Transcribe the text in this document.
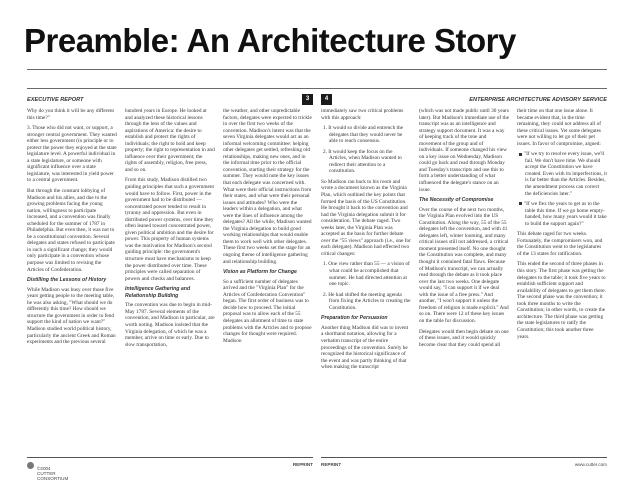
Preamble: An Architecture Story
EXECUTIVE REPORT	3

Why do you think it will be any different this time?"

3. Those who did not want, or support, a stronger central government. They wanted either less government (in principle or to protect the power they enjoyed at the state legislature level. A powerful individual in a state legislature, or someone with significant influence over a state legislature, was interested in yield power to a central government.

But through the constant lobbying of Madison and his allies, and due to the growing problems facing the young nation, willingness to participate increased, and a convention was finally scheduled for the summer of 1787 in Philadelphia. But even then, it was not to be a constitutional convention. Several delegates and states refused to participate in such a significant change; they would only participate in a convention whose purpose was limited to revising the Articles of Confederation.

Distilling the Lessons of History

While Madison was busy over those five years getting people to the meeting table, he was also asking, "What should we do differently this time? How should we structure the government in order to fend support the kind of nation we want?" Madison studied world political history, particularly the ancient Greek and Roman experiments and the previous several

hundred years in Europe. He looked at and analyzed these historical lessons through the lens of the values and aspirations of America: the desire to establish and protect the rights of individuals; the right to hold and keep property; the right to representation in and influence over their government; the rights of assembly, religion, free press, and so on.

From this study, Madison distilled two guiding principles that such a government would have to follow. First, power in the government had to be distributed — concentrated power tended to result in tyranny and oppression. But even in distributed power systems, over time they often leaned toward concentrated power, given political ambition and the desire for power. This property of human systems was the motivation for Madison's second guiding principle: the government's structure must have mechanisms to keep the power distributed over time. These principles were called separation of powers and checks and balances.

Intelligence Gathering and Relationship Building

The convention was due to begin in mid-May 1787. Several elements of the convention, and Madison in particular, are worth noting. Madison insisted that the Virginia delegation, of which he was a member, arrive on time or early. Due to slow transportation,

the weather, and other unpredictable factors, delegates were expected to trickle in over the first two weeks of the convention. Madison's intent was that the seven Virginia delegates would act as an informal welcoming committee: helping other delegates get settled, refreshing old relationships, making new ones, and in the informal time prior to the official convention, starting their strategy for the summer. They would note the key issues that each delegate was concerned with. What were their official instructions from their states, and what were their personal issues and attitudes? Who were the leaders within a delegation, and what were the lines of influence among the delegates? All the while, Madison wanted the Virginia delegation to build good working relationships that would enable them to work well with other delegates. These first two weeks set the stage for an ongoing theme of intelligence gathering and relationship building.

Vision as Platform for Change

So a sufficient number of delegates arrived and the "Virginia Plan" for the Articles of Confederation Convention" began. The first order of business was to decide how to proceed. The initial proposal was to allow each of the 55 delegates an allotment of time to state problems with the Articles and to propose changes for thought were required. Madison

©2004 CUTTER CONSORTIUM
REPRINT
4	ENTERPRISE ARCHITECTURE ADVISORY SERVICE

immediately saw two critical problems with this approach:

1. It would so divide and entrench the delegates that they would never be able to reach consensus.

2. It would keep the focus on the Articles, when Madison wanted to redirect their attention to a constitution.

So Madison ran back to his room and wrote a document known as the Virginia Plan, which outlined the key points that formed the basis of the US Constitution. He brought it back to the convention and had the Virginia delegation submit it for consideration. The debate raged. Two weeks later, the Virginia Plan was accepted as the basis for further debate over the "55 views" approach (i.e., one for each delegate). Madison had effected two critical changes:

1. One view rather than 55 — a vision of what could be accomplished that summer. He had directed attention at one topic.

2. He had shifted the meeting agenda from fixing the Articles to creating the Constitution.

Preparation for Persuasion

Another thing Madison did was to invent a shorthand notation, allowing for a verbatim transcript of the entire proceedings of the convention. Surely he recognized the historical significance of the event and was partly thinking of that when making the transcript

(which was not made public until 30 years later). But Madison's immediate use of the transcript was as an intelligence and strategy support document. It was a way of keeping track of the tone and movement of the group and of individuals. If someone changed his view on a key issue on Wednesday, Madison could go back and read through Monday and Tuesday's transcripts and use this to form a better understanding of what influenced the delegate's stance on an issue.

The Necessity of Compromise

Over the course of the next two months, the Virginia Plan evolved into the US Constitution. Along the way, 55 of the 55 delegates left the convention, and with 41 delegates left, winter looming, and many critical issues still not addressed, a critical moment presented itself. No one thought the Constitution was complete, and many thought it contained fatal flaws. Because of Madison's transcript, we can actually read through the debate as it took place over the last two weeks. One delegate would say, "I can support it if we deal with the issue of a free press." And another, "I won't support it unless the freedom of religion is made explicit." And so on. There were 12 of these key issues on the table for discussion.

Delegates would then begin debate on one of these issues, and it would quickly become clear that they could spend all

their time on that one issue alone. It became evident that, in the time remaining, they could not address all of these critical issues. Yet some delegates were not willing to let go of their pet issues. In favor of compromise, argued:

"If we try to resolve every issue, we'll fail. We don't have time. We should accept the Constitution we have created. Even with its imperfections, it is far better than the Articles. Besides, the amendment process can correct the deficiencies later."

"If we flex the years to get us to the table this time. If we go home empty-handed, how many years would it take to build the support again?"

This debate raged for two weeks. Fortunately, the compromisers won, and the Constitution went to the legislatures of the 13 states for ratification.

This ended the second of three phases in this story. The first phase was getting the delegates to the table; it took five years to establish sufficient support and availability of delegates to get them there. The second phase was the convention; it took three months to write the Constitution; in other words, to create the architecture. The third phase was getting the state legislatures to ratify the Constitution; this took another three years.

REPRINT	www.cutter.com
